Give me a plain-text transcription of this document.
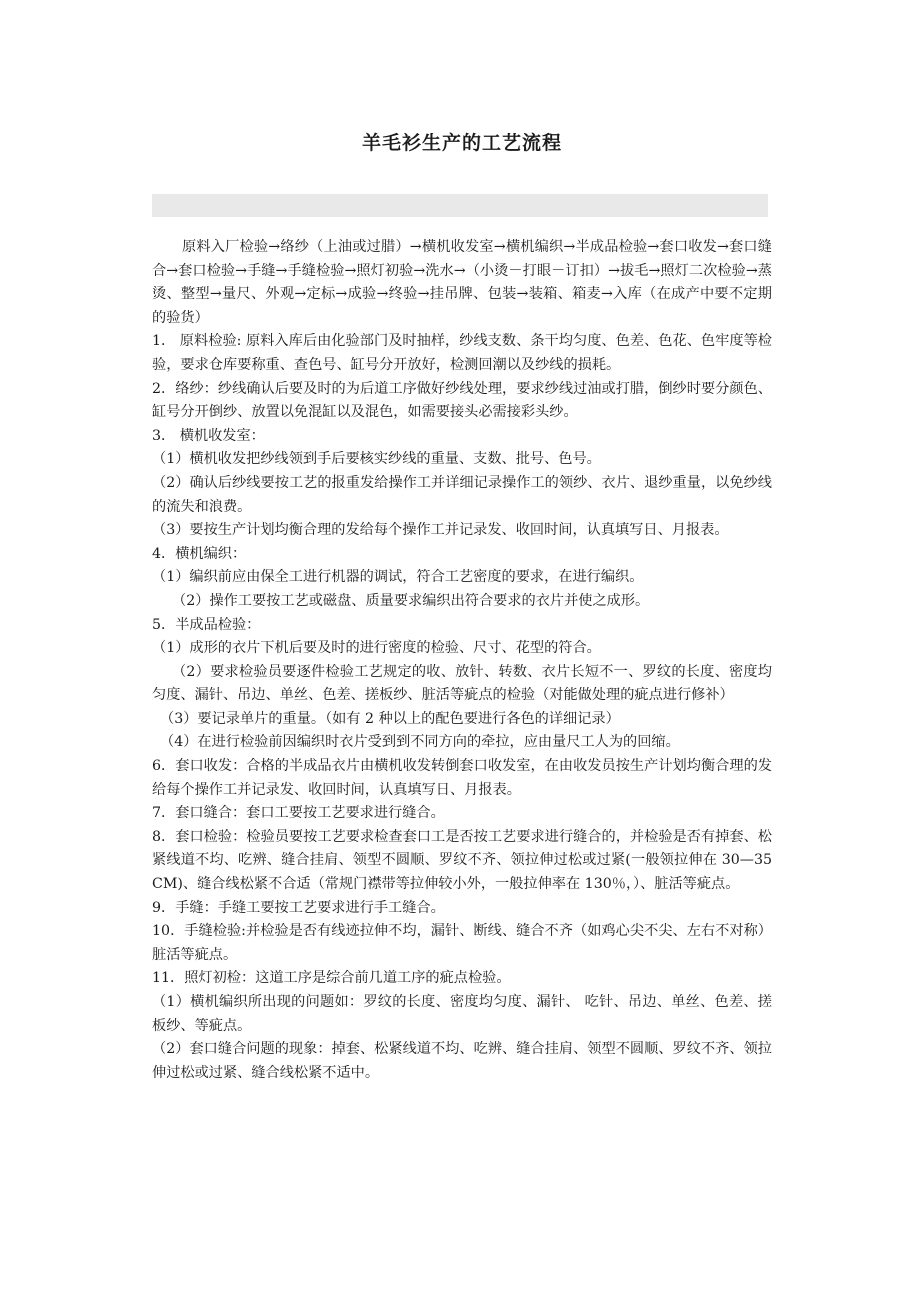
羊毛衫生产的工艺流程

原料入厂检验→络纱（上油或过腊）→横机收发室→横机编织→半成品检验→套口收发→套口缝合→套口检验→手缝→手缝检验→照灯初验→洗水→（小烫－打眼－订扣）→拔毛→照灯二次检验→蒸烫、整型→量尺、外观→定标→成验→终验→挂吊牌、包装→装箱、箱麦→入库（在成产中要不定期的验货）

1． 原料检验: 原料入库后由化验部门及时抽样，纱线支数、条干均匀度、色差、色花、色牢度等检验，要求仓库要称重、查色号、缸号分开放好，检测回潮以及纱线的损耗。

2．络纱：纱线确认后要及时的为后道工序做好纱线处理，要求纱线过油或打腊，倒纱时要分颜色、缸号分开倒纱、放置以免混缸以及混色，如需要接头必需接彩头纱。

3． 横机收发室：

（1）横机收发把纱线领到手后要核实纱线的重量、支数、批号、色号。

（2）确认后纱线要按工艺的报重发给操作工并详细记录操作工的领纱、衣片、退纱重量，以免纱线的流失和浪费。

（3）要按生产计划均衡合理的发给每个操作工并记录发、收回时间，认真填写日、月报表。

4．横机编织：

（1）编织前应由保全工进行机器的调试，符合工艺密度的要求，在进行编织。

（2）操作工要按工艺或磁盘、质量要求编织出符合要求的衣片并使之成形。

5．半成品检验：

（1）成形的衣片下机后要及时的进行密度的检验、尺寸、花型的符合。

（2）要求检验员要逐件检验工艺规定的收、放针、转数、衣片长短不一、罗纹的长度、密度均匀度、漏针、吊边、单丝、色差、搓板纱、脏活等疵点的检验（对能做处理的疵点进行修补）

（3）要记录单片的重量。（如有 2 种以上的配色要进行各色的详细记录）

（4）在进行检验前因编织时衣片受到到不同方向的牵拉，应由量尺工人为的回缩。

6．套口收发：合格的半成品衣片由横机收发转倒套口收发室，在由收发员按生产计划均衡合理的发给每个操作工并记录发、收回时间，认真填写日、月报表。

7．套口缝合：套口工要按工艺要求进行缝合。

8．套口检验：检验员要按工艺要求检查套口工是否按工艺要求进行缝合的，并检验是否有掉套、松紧线道不均、吃辨、缝合挂肩、领型不圆顺、罗纹不齐、领拉伸过松或过紧(一般领拉伸在 30—35CM)、缝合线松紧不合适（常规门襟带等拉伸较小外，一般拉伸率在 130％，）、脏活等疵点。

9．手缝：手缝工要按工艺要求进行手工缝合。

10．手缝检验:并检验是否有线迹拉伸不均，漏针、断线、缝合不齐（如鸡心尖不尖、左右不对称）脏活等疵点。

11．照灯初检：这道工序是综合前几道工序的疵点检验。

（1）横机编织所出现的问题如：罗纹的长度、密度均匀度、漏针、 吃针、吊边、单丝、色差、搓板纱、等疵点。

（2）套口缝合问题的现象：掉套、松紧线道不均、吃辨、缝合挂肩、领型不圆顺、罗纹不齐、领拉伸过松或过紧、缝合线松紧不适中。
